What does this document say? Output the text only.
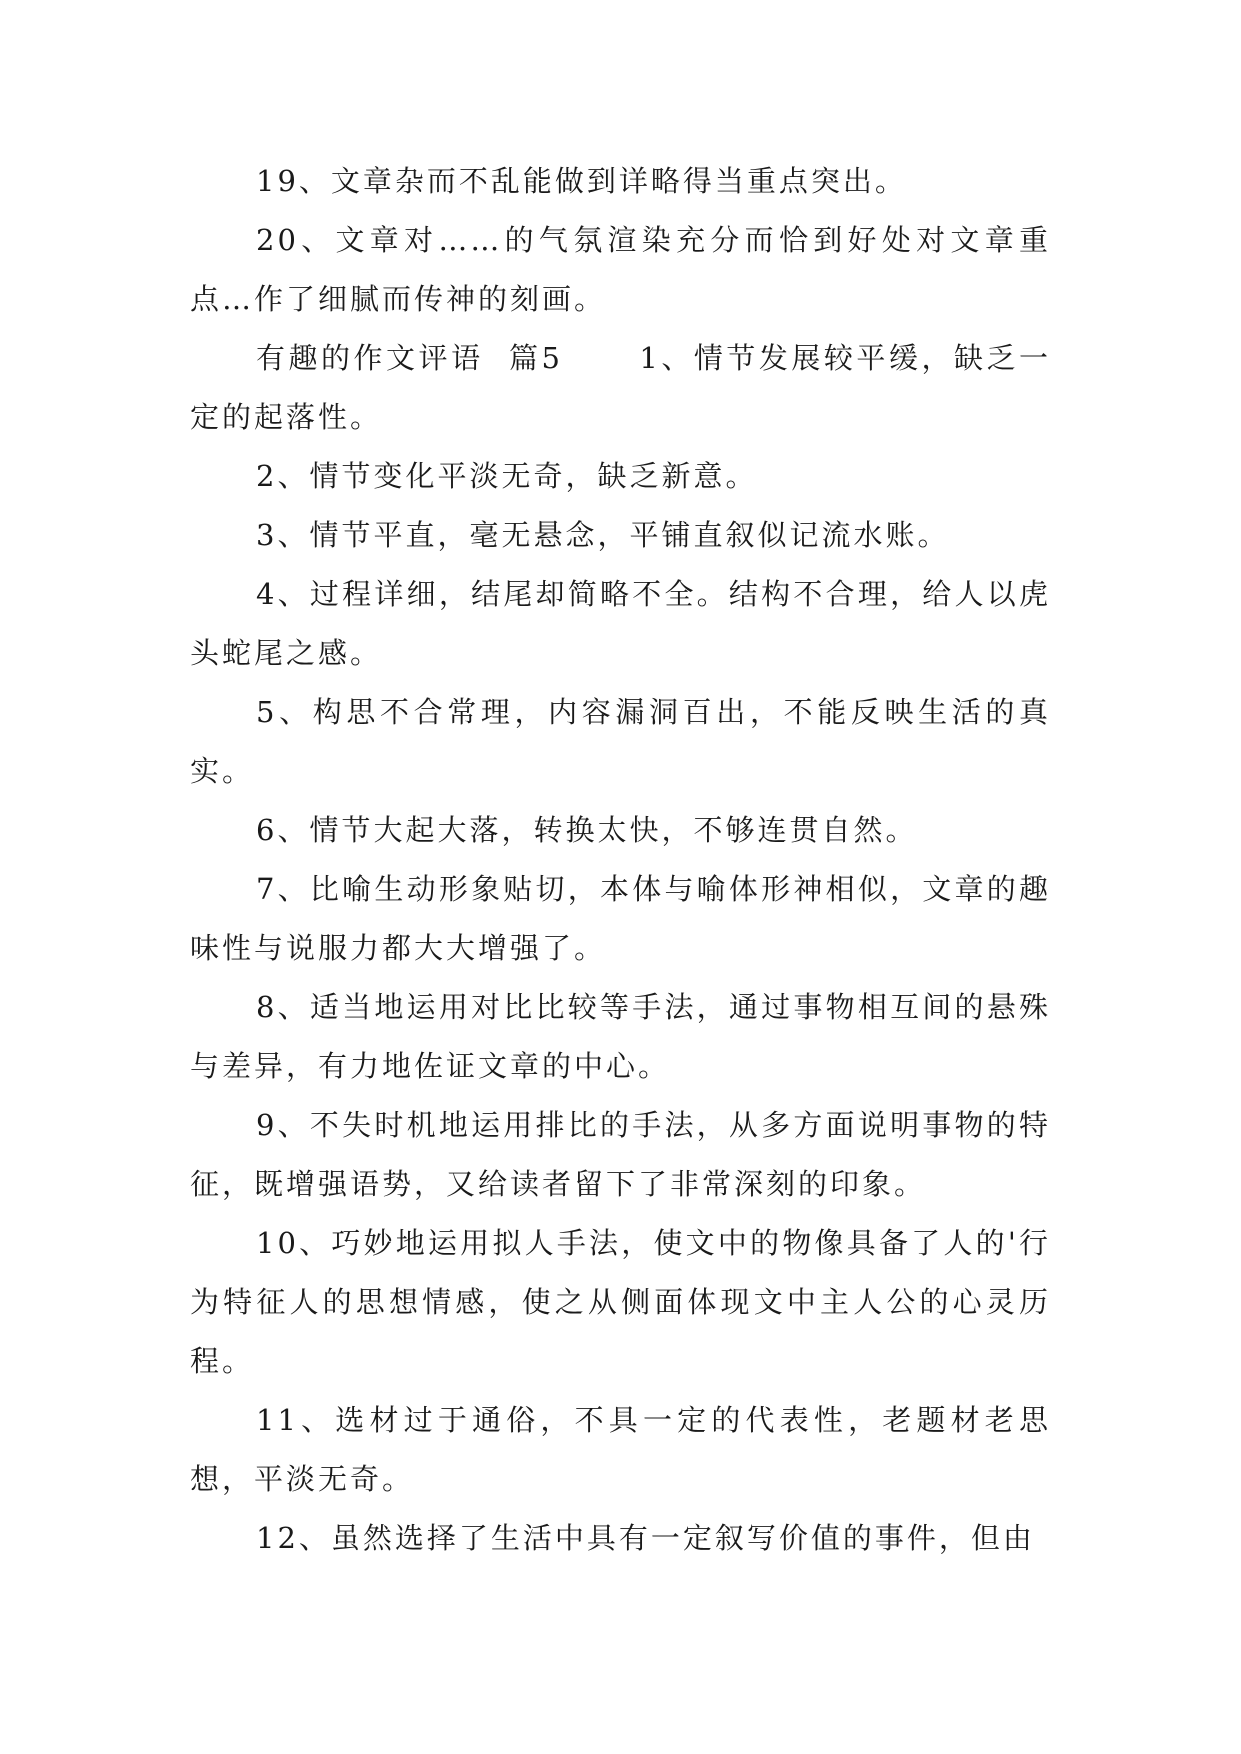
19、文章杂而不乱能做到详略得当重点突出。

20、文章对……的气氛渲染充分而恰到好处对文章重点…作了细腻而传神的刻画。

有趣的作文评语  篇5      1、情节发展较平缓，缺乏一定的起落性。

2、情节变化平淡无奇，缺乏新意。

3、情节平直，毫无悬念，平铺直叙似记流水账。

4、过程详细，结尾却简略不全。结构不合理，给人以虎头蛇尾之感。

5、构思不合常理，内容漏洞百出，不能反映生活的真实。

6、情节大起大落，转换太快，不够连贯自然。

7、比喻生动形象贴切，本体与喻体形神相似，文章的趣味性与说服力都大大增强了。

8、适当地运用对比比较等手法，通过事物相互间的悬殊与差异，有力地佐证文章的中心。

9、不失时机地运用排比的手法，从多方面说明事物的特征，既增强语势，又给读者留下了非常深刻的印象。

10、巧妙地运用拟人手法，使文中的物像具备了人的'行为特征人的思想情感，使之从侧面体现文中主人公的心灵历程。

11、选材过于通俗，不具一定的代表性，老题材老思想，平淡无奇。

12、虽然选择了生活中具有一定叙写价值的事件，但由
